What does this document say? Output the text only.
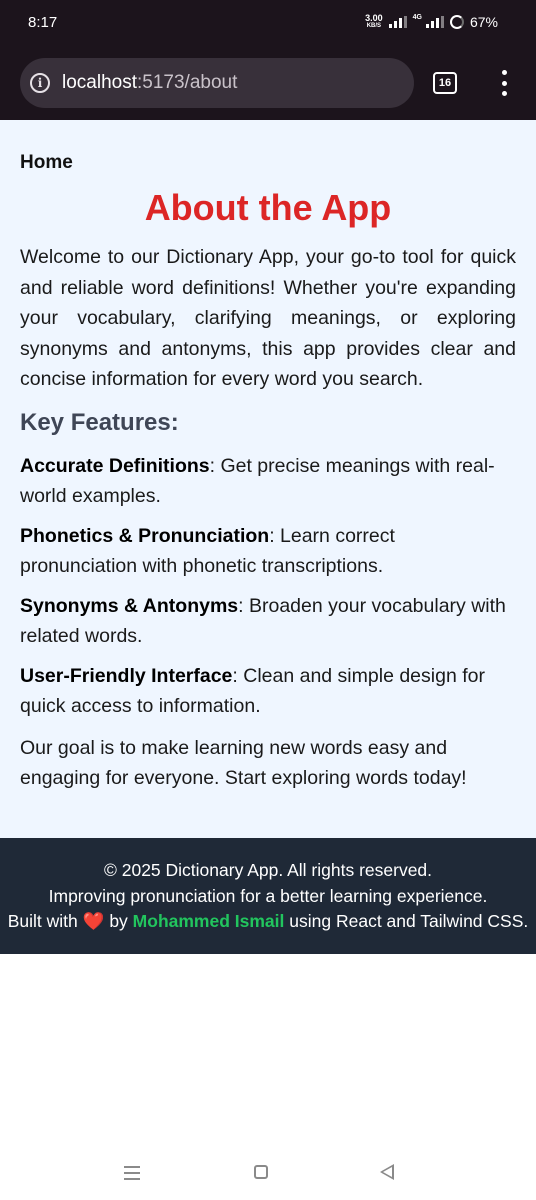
8:17	3.00
KB/S
4G	67%
i	localhost:5173/about	16
Home
About the App

Welcome to our Dictionary App, your go-to tool for quick and reliable word definitions! Whether you're expanding your vocabulary, clarifying meanings, or exploring synonyms and antonyms, this app provides clear and concise information for every word you search.

Key Features:

Accurate Definitions: Get precise meanings with real-world examples.

Phonetics & Pronunciation: Learn correct pronunciation with phonetic transcriptions.

Synonyms & Antonyms: Broaden your vocabulary with related words.

User-Friendly Interface: Clean and simple design for quick access to information.

Our goal is to make learning new words easy and engaging for everyone. Start exploring words today!

© 2025 Dictionary App. All rights reserved.
Improving pronunciation for a better learning experience.
Built with ❤️ by Mohammed Ismail using React and Tailwind CSS.
